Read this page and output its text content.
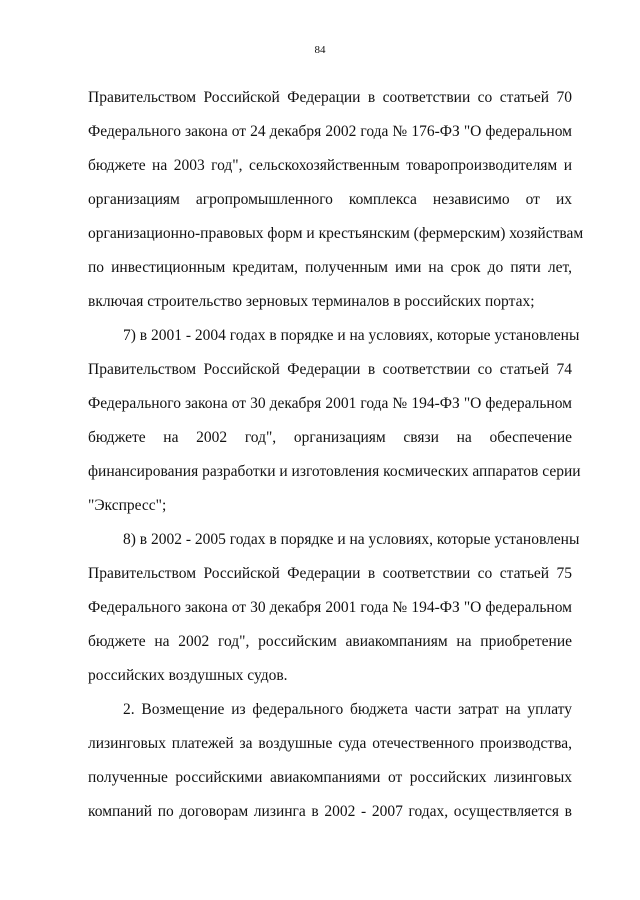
84
Правительством Российской Федерации в соответствии со статьей 70
Федерального закона от 24 декабря 2002 года № 176-ФЗ "О федеральном
бюджете на 2003 год", сельскохозяйственным товаропроизводителям и
организациям агропромышленного комплекса независимо от их
организационно-правовых форм и крестьянским (фермерским) хозяйствам
по инвестиционным кредитам, полученным ими на срок до пяти лет,
включая строительство зерновых терминалов в российских портах;
7) в 2001 - 2004 годах в порядке и на условиях, которые установлены
Правительством Российской Федерации в соответствии со статьей 74
Федерального закона от 30 декабря 2001 года № 194-ФЗ "О федеральном
бюджете на 2002 год", организациям связи на обеспечение
финансирования разработки и изготовления космических аппаратов серии
"Экспресс";
8) в 2002 - 2005 годах в порядке и на условиях, которые установлены
Правительством Российской Федерации в соответствии со статьей 75
Федерального закона от 30 декабря 2001 года № 194-ФЗ "О федеральном
бюджете на 2002 год", российским авиакомпаниям на приобретение
российских воздушных судов.
2. Возмещение из федерального бюджета части затрат на уплату
лизинговых платежей за воздушные суда отечественного производства,
полученные российскими авиакомпаниями от российских лизинговых
компаний по договорам лизинга в 2002 - 2007 годах, осуществляется в
